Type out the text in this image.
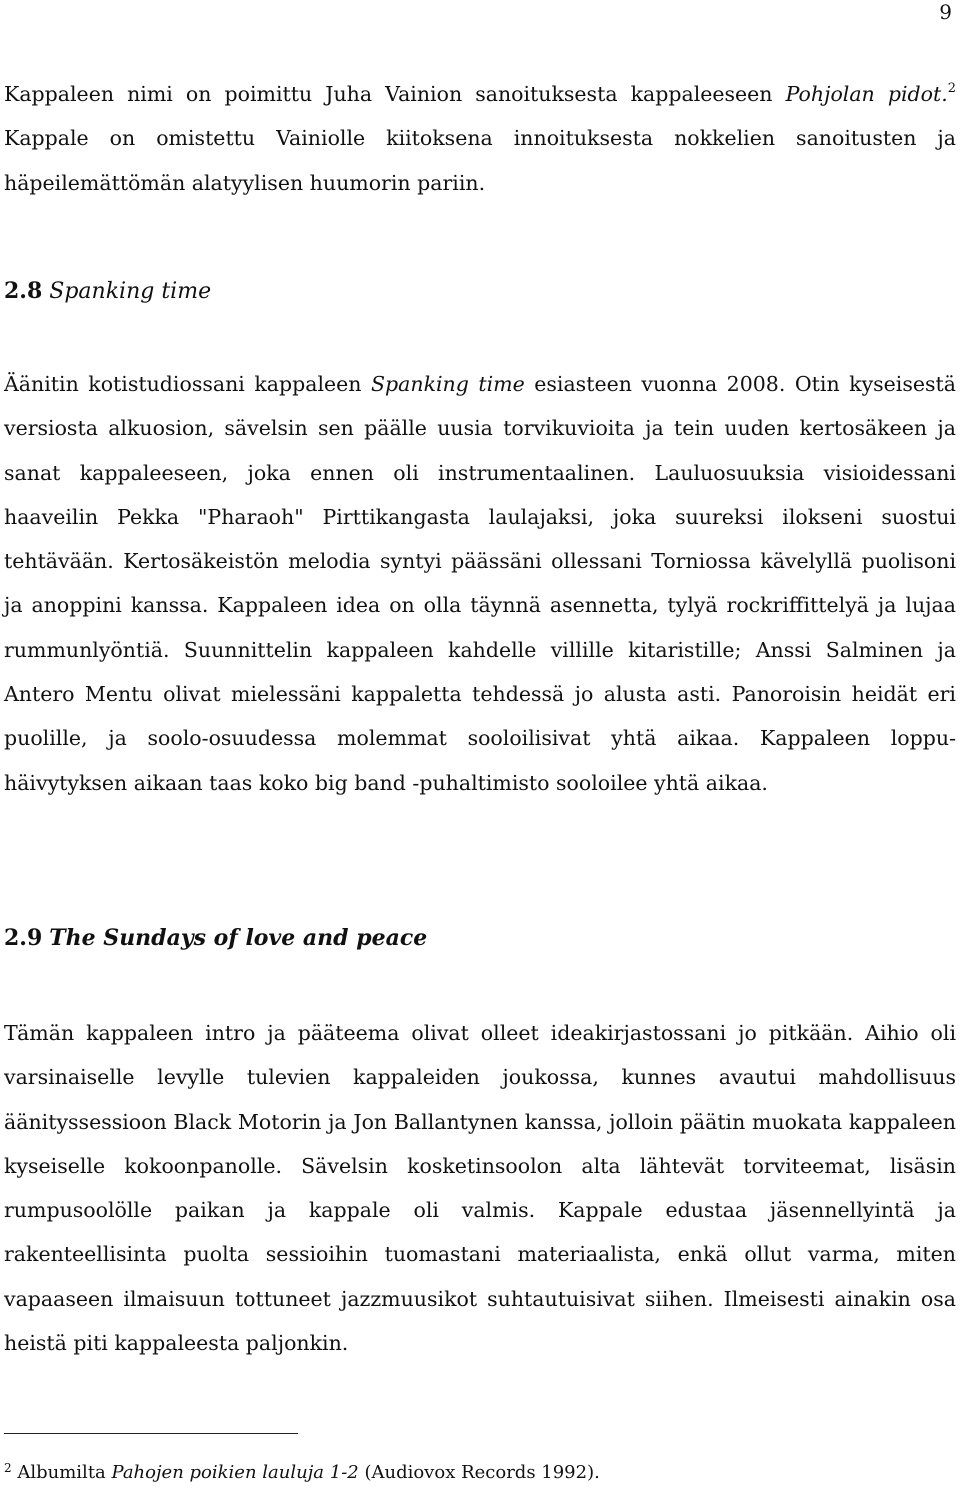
9

Kappaleen nimi on poimittu Juha Vainion sanoituksesta kappaleeseen Pohjolan pidot.$^2$ Kappale on omistettu Vainiolle kiitoksena innoituksesta nokkelien sanoitusten ja häpeilemättömän alatyylisen huumorin pariin.

2.8 Spanking time

Äänitin kotistudiossani kappaleen Spanking time esiasteen vuonna 2008. Otin kyseisestä versiosta alkuosion, sävelsin sen päälle uusia torvikuvioita ja tein uuden kertosäkeen ja sanat kappaleeseen, joka ennen oli instrumentaalinen. Lauluosuuksia visioidessani haaveilin Pekka "Pharaoh" Pirttikangasta laulajaksi, joka suureksi ilokseni suostui tehtävään. Kertosäkeistön melodia syntyi päässäni ollessani Torniossa kävelyllä puolisoni ja anoppini kanssa. Kappaleen idea on olla täynnä asennetta, tylyä rockriffittelyä ja lujaa rummunlyöntiä. Suunnittelin kappaleen kahdelle villille kitaristille; Anssi Salminen ja Antero Mentu olivat mielessäni kappaletta tehdessä jo alusta asti. Panoroisin heidät eri puolille, ja soolo-osuudessa molemmat sooloilisivat yhtä aikaa. Kappaleen loppu-häivytyksen aikaan taas koko big band -puhaltimisto sooloilee yhtä aikaa.

2.9 The Sundays of love and peace

Tämän kappaleen intro ja pääteema olivat olleet ideakirjastossani jo pitkään. Aihio oli varsinaiselle levylle tulevien kappaleiden joukossa, kunnes avautui mahdollisuus äänityssessioon Black Motorin ja Jon Ballantynen kanssa, jolloin päätin muokata kappaleen kyseiselle kokoonpanolle. Sävelsin kosketinsoolon alta lähtevät torviteemat, lisäsin rumpusoolölle paikan ja kappale oli valmis. Kappale edustaa jäsennellyintä ja rakenteellisinta puolta sessioihin tuomastani materiaalista, enkä ollut varma, miten vapaaseen ilmaisuun tottuneet jazzmuusikot suhtautuisivat siihen. Ilmeisesti ainakin osa heistä piti kappaleesta paljonkin.

$^2$ Albumilta Pahojen poikien lauluja 1-2 (Audiovox Records 1992).
